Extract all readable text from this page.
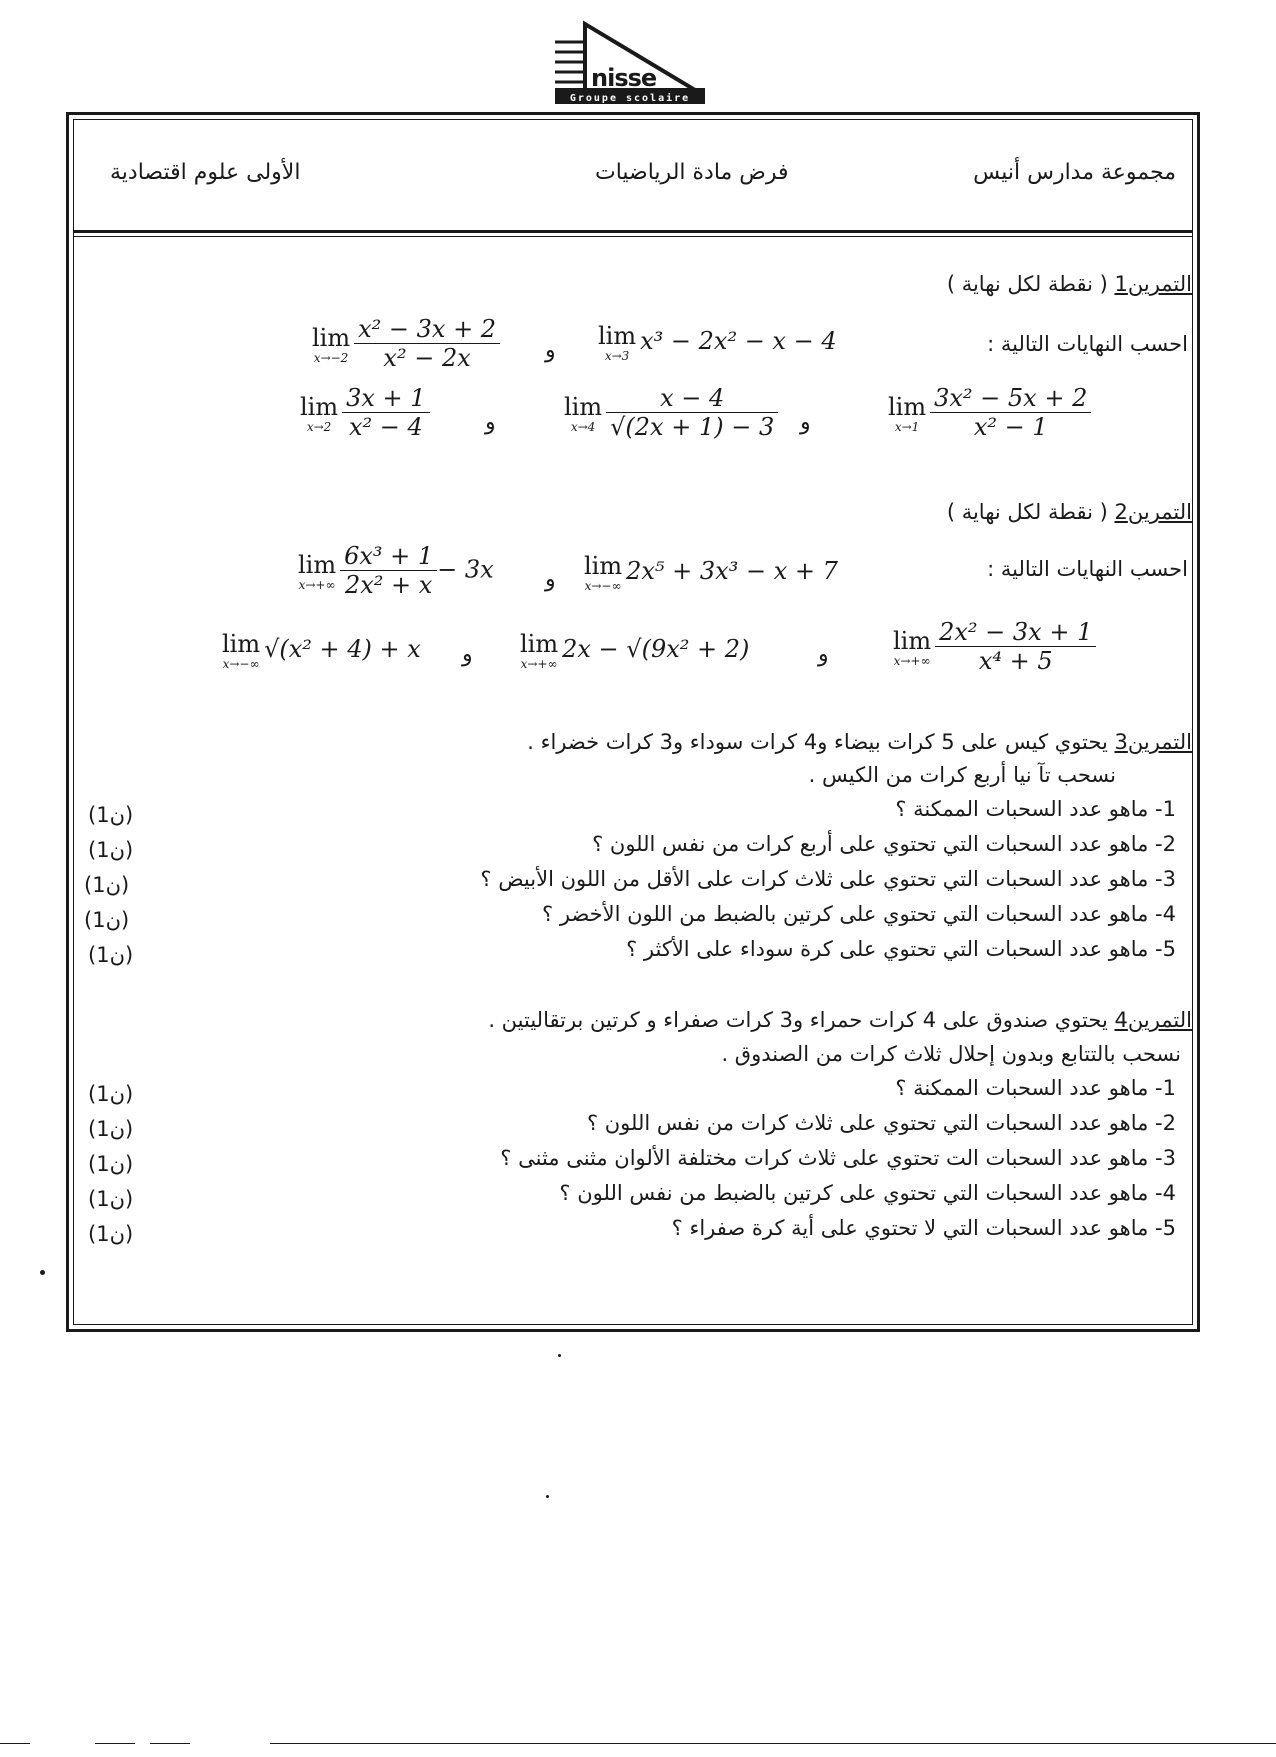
nisse
Groupe scolaire
مجموعة مدارس أنيس
فرض مادة الرياضيات
الأولى علوم اقتصادية
التمرين1 ( نقطة لكل نهاية )
احسب النهايات التالية :
lim
x→3
x³ − 2x² − x − 4
و
lim
$x\to-2 \frac{\text{x² − 3x + 2}}{\text{x² − 2x}}$
lim
$x\to 1 \frac{\text{3x² − 5x + 2}}{\text{x² − 1}}$
و
lim
$x\to 4 \frac{x - 4}{√(2x + 1) - 3}$
و
lim
$x\to 2 \frac{3x + 1}{\text{x² − 4}}$
التمرين2 ( نقطة لكل نهاية )
احسب النهايات التالية :
lim
x→−∞
2x⁵ + 3x³ − x + 7
و
lim
$x\to+\infty \frac{\text{6x³ + 1}}{\text{2x² + x}} - 3x$
lim
$x\to+\infty \frac{\text{2x² − 3x + 1}}{\text{x⁴ + 5}}$
و
lim
x→+∞
2x − √(9x² + 2)
و
lim
x→−∞
√(x² + 4) + x
التمرين3 يحتوي كيس على 5 كرات بيضاء و4 كرات سوداء و3 كرات خضراء .
نسحب تآ نيا أربع كرات من الكيس .
1- ماهو عدد السحبات الممكنة ؟
2- ماهو عدد السحبات التي تحتوي على أربع كرات من نفس اللون ؟
3- ماهو عدد السحبات التي تحتوي على ثلاث كرات على الأقل من اللون الأبيض ؟
4- ماهو عدد السحبات التي تحتوي على كرتين بالضبط من اللون الأخضر ؟
5- ماهو عدد السحبات التي تحتوي على كرة سوداء على الأكثر ؟
(1ن)
(1ن)
(1ن)
(1ن)
(1ن)
التمرين4 يحتوي صندوق على 4 كرات حمراء و3 كرات صفراء و كرتين برتقاليتين .
نسحب بالتتابع وبدون إحلال ثلاث كرات من الصندوق .
1- ماهو عدد السحبات الممكنة ؟
2- ماهو عدد السحبات التي تحتوي على ثلاث كرات من نفس اللون ؟
3- ماهو عدد السحبات الت تحتوي على ثلاث كرات مختلفة الألوان مثنى مثنى ؟
4- ماهو عدد السحبات التي تحتوي على كرتين بالضبط من نفس اللون ؟
5- ماهو عدد السحبات التي لا تحتوي على أية كرة صفراء ؟
(1ن)
(1ن)
(1ن)
(1ن)
(1ن)
